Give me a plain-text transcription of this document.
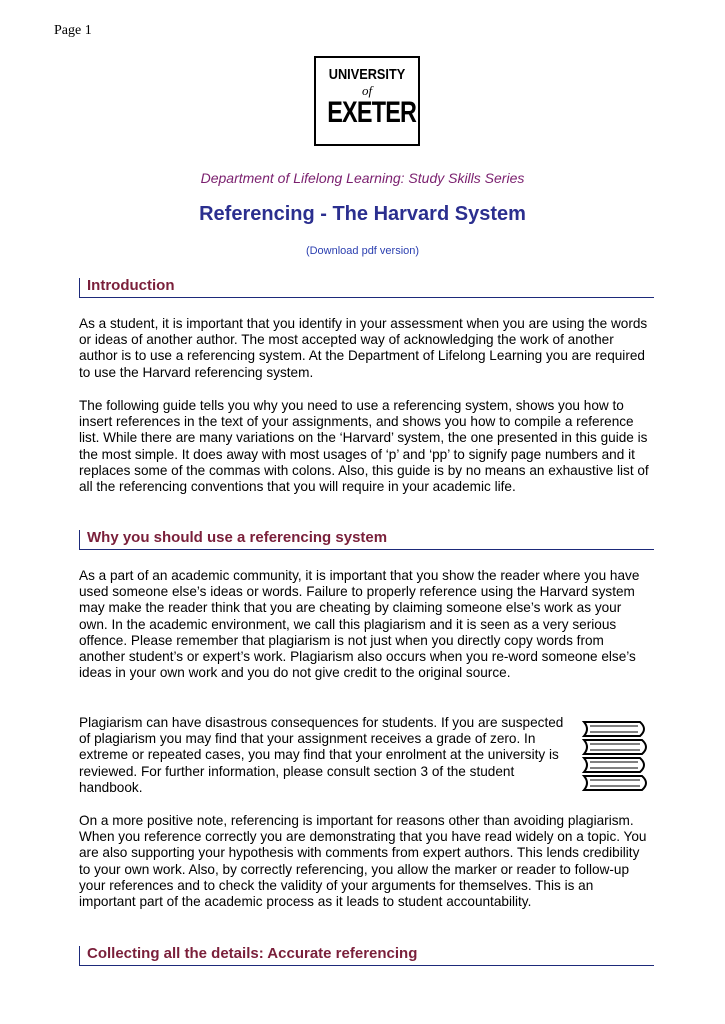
Page 1
UNIVERSITY
of
EXETER
Department of Lifelong Learning: Study Skills Series
Referencing - The Harvard System
(Download pdf version)
Introduction

As a student, it is important that you identify in your assessment when you are using the words or ideas of another author. The most accepted way of acknowledging the work of another author is to use a referencing system. At the Department of Lifelong Learning you are required to use the Harvard referencing system.

The following guide tells you why you need to use a referencing system, shows you how to insert references in the text of your assignments, and shows you how to compile a reference list. While there are many variations on the ‘Harvard’ system, the one presented in this guide is the most simple. It does away with most usages of ‘p’ and ‘pp’ to signify page numbers and it replaces some of the commas with colons. Also, this guide is by no means an exhaustive list of all the referencing conventions that you will require in your academic life.

Why you should use a referencing system

As a part of an academic community, it is important that you show the reader where you have used someone else’s ideas or words. Failure to properly reference using the Harvard system may make the reader think that you are cheating by claiming someone else’s work as your own. In the academic environment, we call this plagiarism and it is seen as a very serious offence. Please remember that plagiarism is not just when you directly copy words from another student’s or expert’s work. Plagiarism also occurs when you re-word someone else’s ideas in your own work and you do not give credit to the original source.

Plagiarism can have disastrous consequences for students. If you are suspected of plagiarism you may find that your assignment receives a grade of zero. In extreme or repeated cases, you may find that your enrolment at the university is reviewed. For further information, please consult section 3 of the student handbook.

On a more positive note, referencing is important for reasons other than avoiding plagiarism. When you reference correctly you are demonstrating that you have read widely on a topic. You are also supporting your hypothesis with comments from expert authors. This lends credibility to your own work. Also, by correctly referencing, you allow the marker or reader to follow-up your references and to check the validity of your arguments for themselves. This is an important part of the academic process as it leads to student accountability.

Collecting all the details: Accurate referencing
